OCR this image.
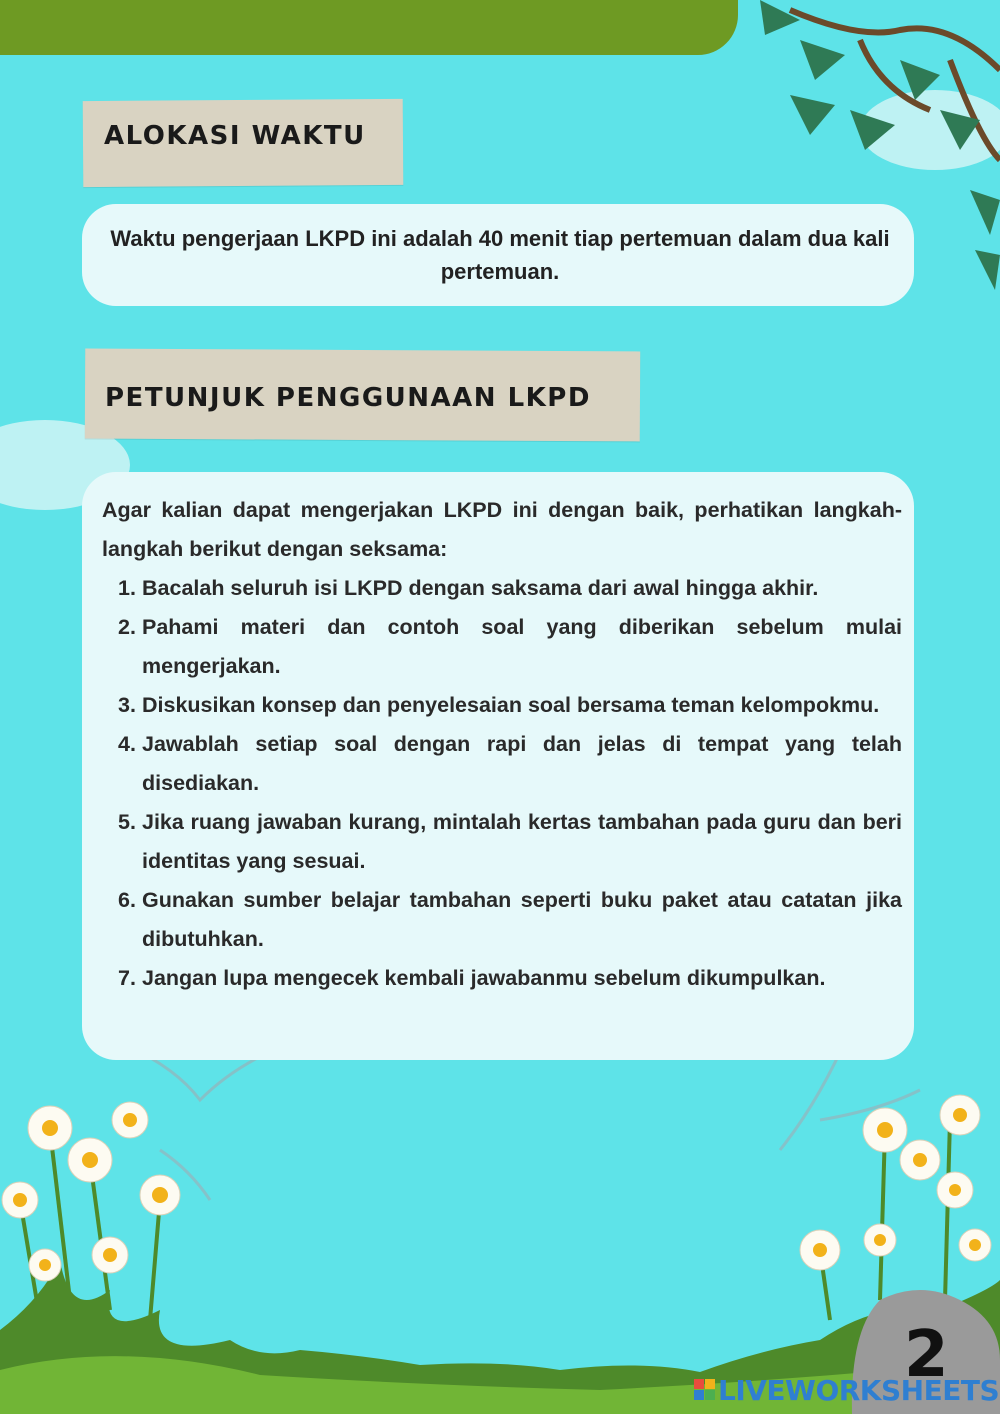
ALOKASI WAKTU
Waktu pengerjaan LKPD ini adalah 40 menit tiap pertemuan dalam dua kali pertemuan.
PETUNJUK PENGGUNAAN LKPD
Agar kalian dapat mengerjakan LKPD ini dengan baik, perhatikan langkah-langkah berikut dengan seksama:
1. Bacalah seluruh isi LKPD dengan saksama dari awal hingga akhir.
2. Pahami materi dan contoh soal yang diberikan sebelum mulai mengerjakan.
3. Diskusikan konsep dan penyelesaian soal bersama teman kelompokmu.
4. Jawablah setiap soal dengan rapi dan jelas di tempat yang telah disediakan.
5. Jika ruang jawaban kurang, mintalah kertas tambahan pada guru dan beri identitas yang sesuai.
6. Gunakan sumber belajar tambahan seperti buku paket atau catatan jika dibutuhkan.
7. Jangan lupa mengecek kembali jawabanmu sebelum dikumpulkan.
2
LIVEWORKSHEETS
